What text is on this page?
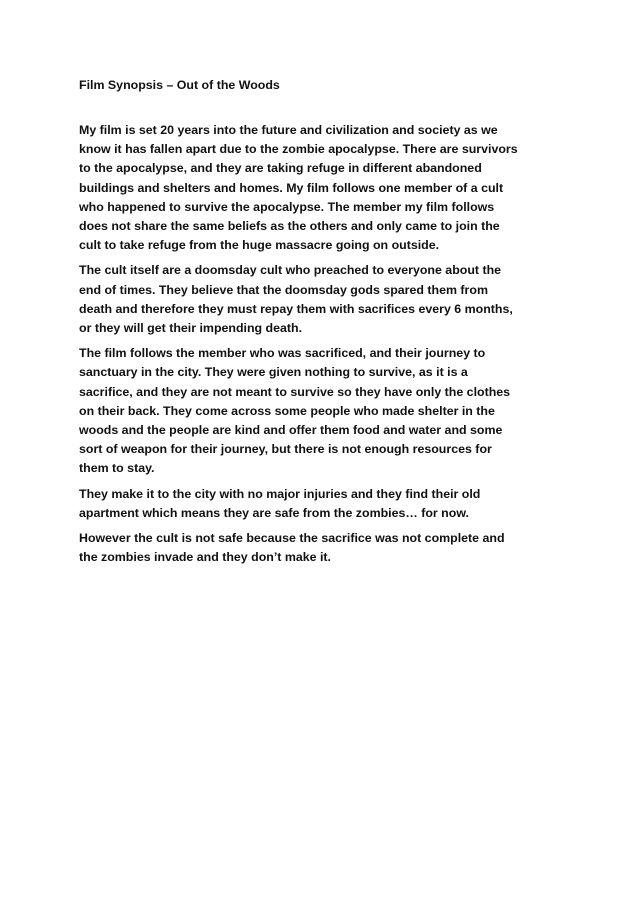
Film Synopsis – Out of the Woods

My film is set 20 years into the future and civilization and society as we
know it has fallen apart due to the zombie apocalypse. There are survivors
to the apocalypse, and they are taking refuge in different abandoned
buildings and shelters and homes. My film follows one member of a cult
who happened to survive the apocalypse. The member my film follows
does not share the same beliefs as the others and only came to join the
cult to take refuge from the huge massacre going on outside.

The cult itself are a doomsday cult who preached to everyone about the
end of times. They believe that the doomsday gods spared them from
death and therefore they must repay them with sacrifices every 6 months,
or they will get their impending death.

The film follows the member who was sacrificed, and their journey to
sanctuary in the city. They were given nothing to survive, as it is a
sacrifice, and they are not meant to survive so they have only the clothes
on their back. They come across some people who made shelter in the
woods and the people are kind and offer them food and water and some
sort of weapon for their journey, but there is not enough resources for
them to stay.

They make it to the city with no major injuries and they find their old
apartment which means they are safe from the zombies… for now.

However the cult is not safe because the sacrifice was not complete and
the zombies invade and they don’t make it.
